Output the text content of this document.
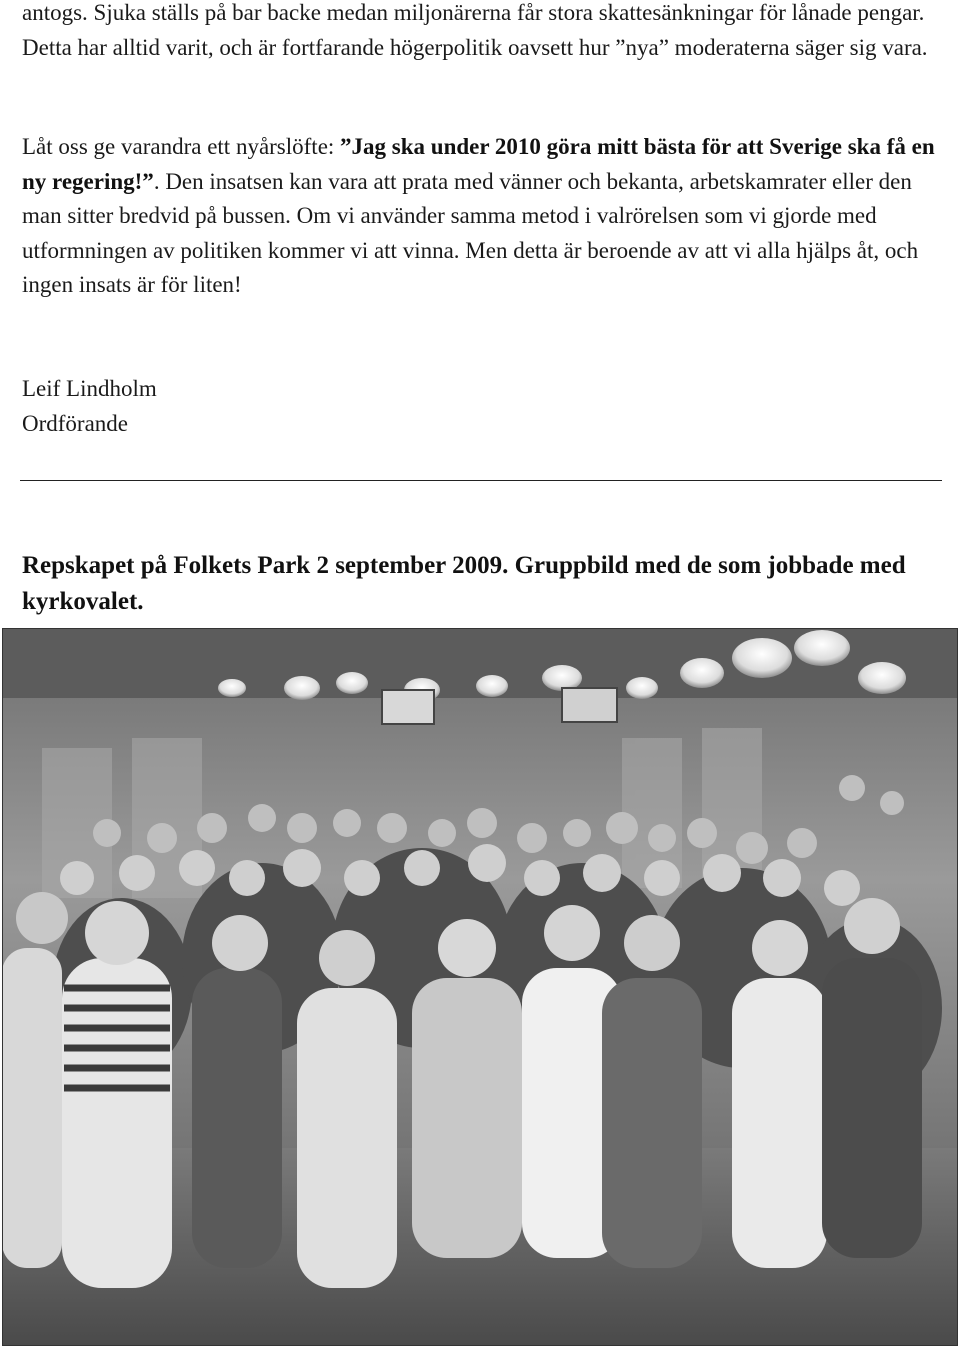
antogs. Sjuka ställs på bar backe medan miljonärerna får stora skattesänkningar för lånade pengar. Detta har alltid varit, och är fortfarande högerpolitik oavsett hur ”nya” moderaterna säger sig vara.

Låt oss ge varandra ett nyårslöfte: ”Jag ska under 2010 göra mitt bästa för att Sverige ska få en ny regering!”. Den insatsen kan vara att prata med vänner och bekanta, arbetskamrater eller den man sitter bredvid på bussen. Om vi använder samma metod i valrörelsen som vi gjorde med utformningen av politiken kommer vi att vinna. Men detta är beroende av att vi alla hjälps åt, och ingen insats är för liten!

Leif Lindholm

Ordförande

Repskapet på Folkets Park 2 september 2009. Gruppbild med de som jobbade med kyrkovalet.
